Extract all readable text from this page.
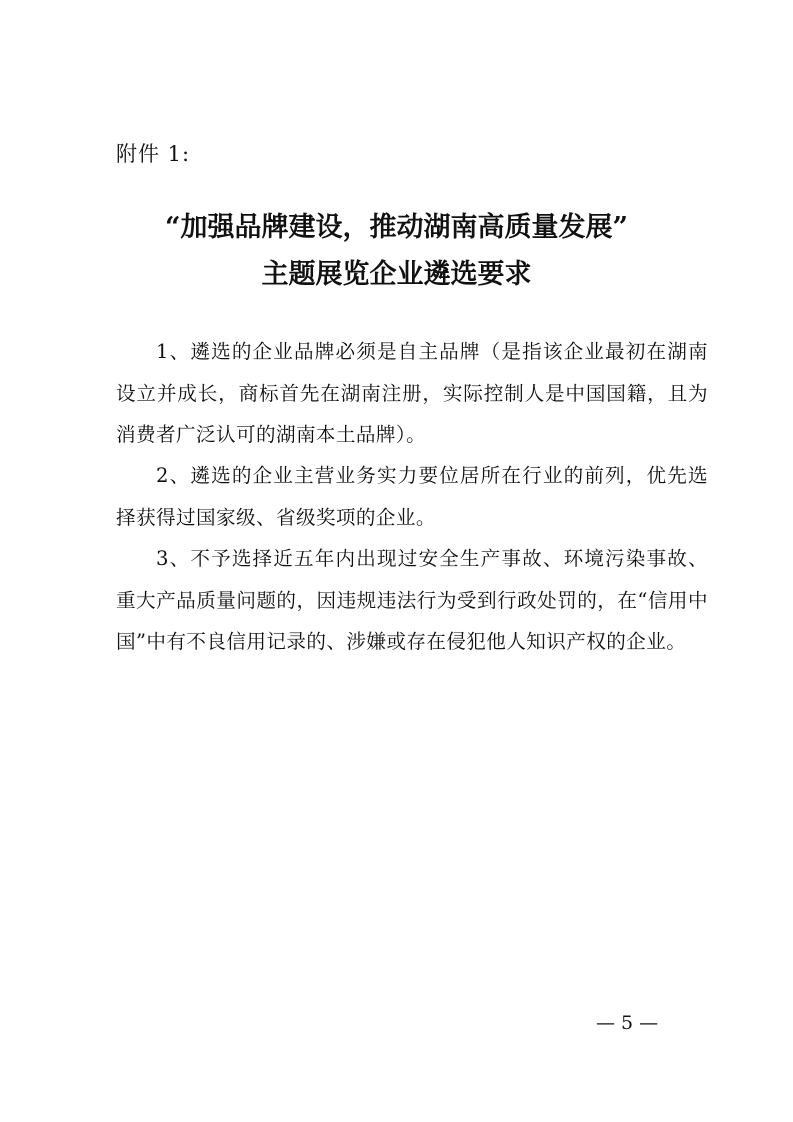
附件 1:
“加强品牌建设，推动湖南高质量发展”
主题展览企业遴选要求
1、遴选的企业品牌必须是自主品牌（是指该企业最初在湖南设立并成长，商标首先在湖南注册，实际控制人是中国国籍，且为消费者广泛认可的湖南本土品牌）。
2、遴选的企业主营业务实力要位居所在行业的前列，优先选择获得过国家级、省级奖项的企业。
3、不予选择近五年内出现过安全生产事故、环境污染事故、重大产品质量问题的，因违规违法行为受到行政处罚的，在“信用中国”中有不良信用记录的、涉嫌或存在侵犯他人知识产权的企业。
— 5 —
